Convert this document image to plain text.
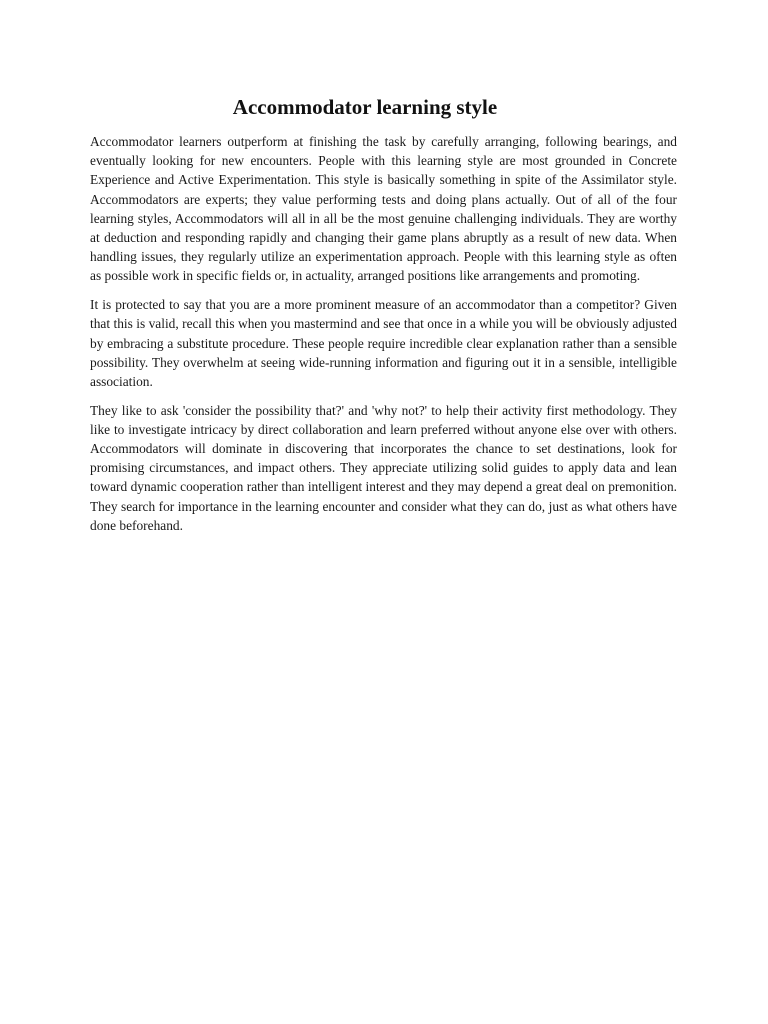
Accommodator learning style

Accommodator learners outperform at finishing the task by carefully arranging, following bearings, and eventually looking for new encounters. People with this learning style are most grounded in Concrete Experience and Active Experimentation. This style is basically something in spite of the Assimilator style. Accommodators are experts; they value performing tests and doing plans actually. Out of all of the four learning styles, Accommodators will all in all be the most genuine challenging individuals. They are worthy at deduction and responding rapidly and changing their game plans abruptly as a result of new data. When handling issues, they regularly utilize an experimentation approach. People with this learning style as often as possible work in specific fields or, in actuality, arranged positions like arrangements and promoting.

It is protected to say that you are a more prominent measure of an accommodator than a competitor? Given that this is valid, recall this when you mastermind and see that once in a while you will be obviously adjusted by embracing a substitute procedure. These people require incredible clear explanation rather than a sensible possibility. They overwhelm at seeing wide-running information and figuring out it in a sensible, intelligible association.

They like to ask 'consider the possibility that?' and 'why not?' to help their activity first methodology. They like to investigate intricacy by direct collaboration and learn preferred without anyone else over with others. Accommodators will dominate in discovering that incorporates the chance to set destinations, look for promising circumstances, and impact others. They appreciate utilizing solid guides to apply data and lean toward dynamic cooperation rather than intelligent interest and they may depend a great deal on premonition. They search for importance in the learning encounter and consider what they can do, just as what others have done beforehand.
